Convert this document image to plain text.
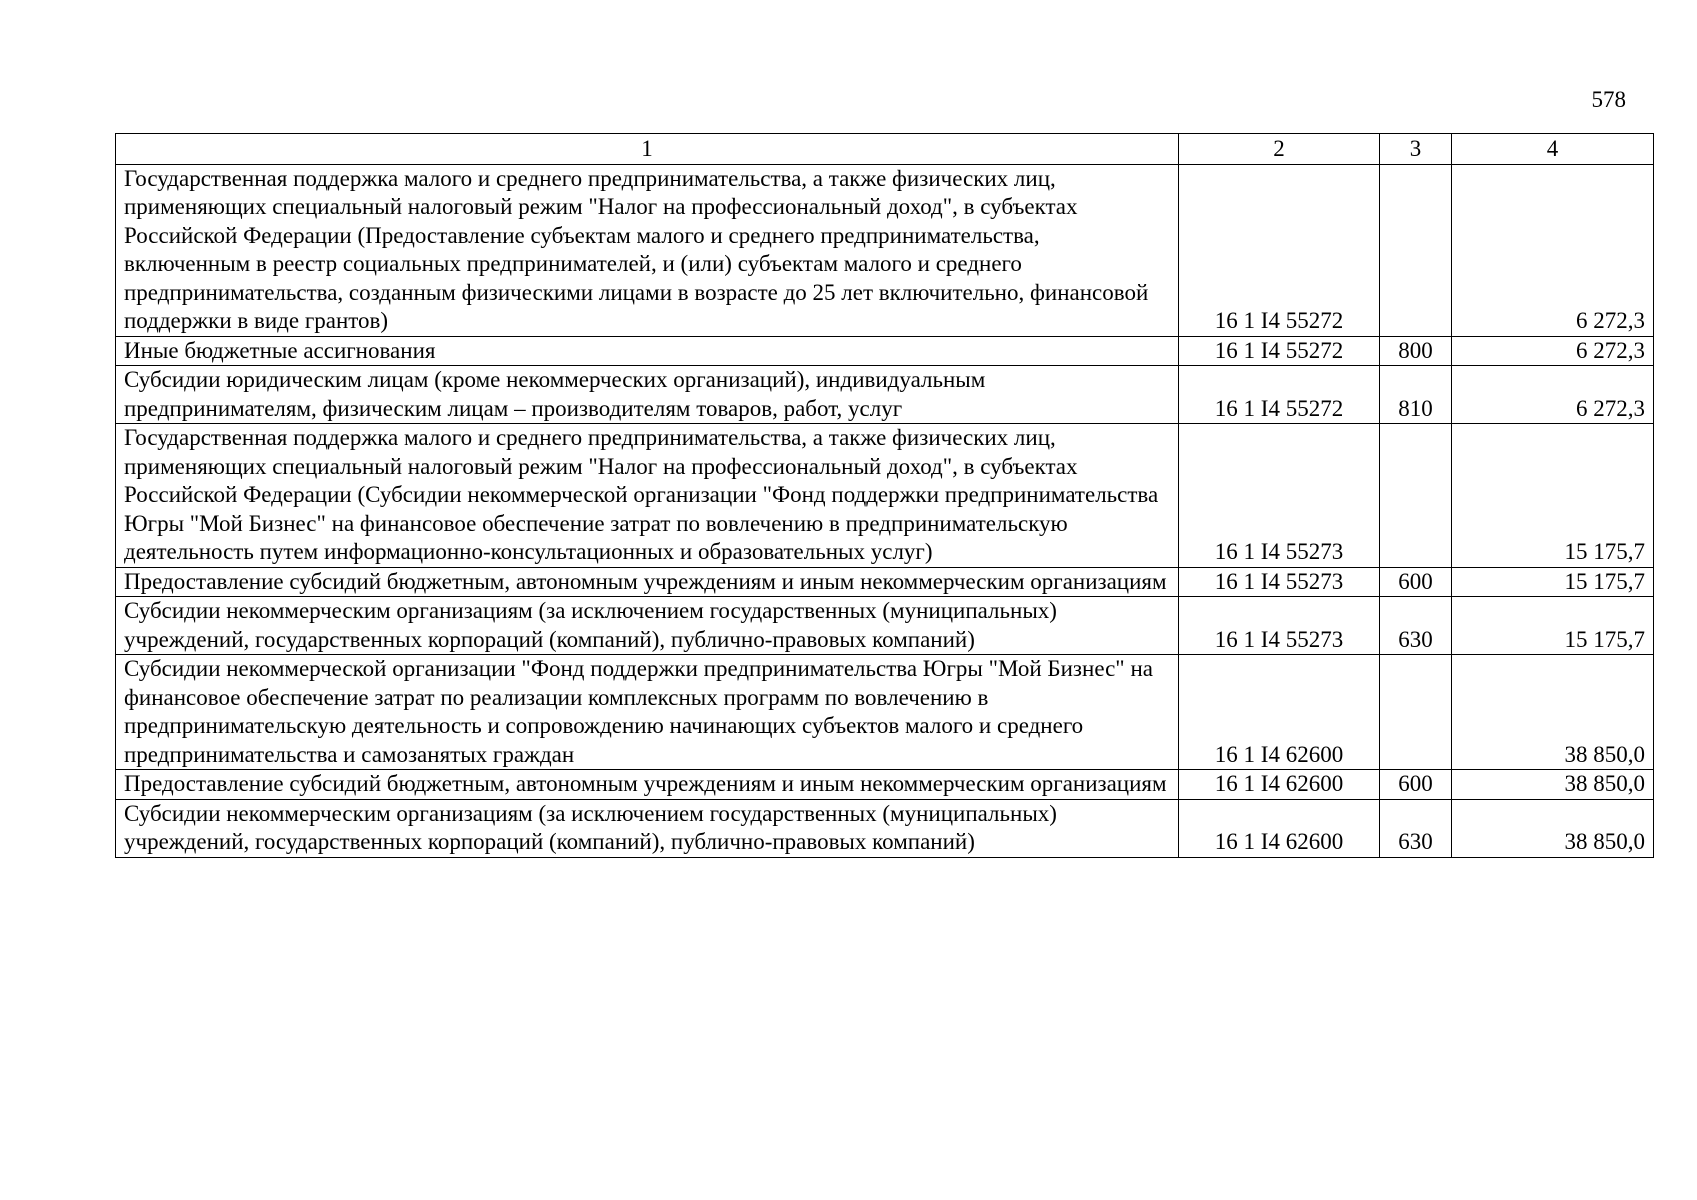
578
1	2	3	4
Государственная поддержка малого и среднего предпринимательства, а также физических лиц, применяющих специальный налоговый режим "Налог на профессиональный доход", в субъектах Российской Федерации (Предоставление субъектам малого и среднего предпринимательства, включенным в реестр социальных предпринимателей, и (или) субъектам малого и среднего предпринимательства, созданным физическими лицами в возрасте до 25 лет включительно, финансовой поддержки в виде грантов)	16 1 I4 55272		6 272,3
Иные бюджетные ассигнования	16 1 I4 55272	800	6 272,3
Субсидии юридическим лицам (кроме некоммерческих организаций), индивидуальным предпринимателям, физическим лицам – производителям товаров, работ, услуг	16 1 I4 55272	810	6 272,3
Государственная поддержка малого и среднего предпринимательства, а также физических лиц, применяющих специальный налоговый режим "Налог на профессиональный доход", в субъектах Российской Федерации (Субсидии некоммерческой организации "Фонд поддержки предпринимательства Югры "Мой Бизнес" на финансовое обеспечение затрат по вовлечению в предпринимательскую деятельность путем информационно-консультационных и образовательных услуг)	16 1 I4 55273		15 175,7
Предоставление субсидий бюджетным, автономным учреждениям и иным некоммерческим организациям	16 1 I4 55273	600	15 175,7
Субсидии некоммерческим организациям (за исключением государственных (муниципальных) учреждений, государственных корпораций (компаний), публично-правовых компаний)	16 1 I4 55273	630	15 175,7
Субсидии некоммерческой организации "Фонд поддержки предпринимательства Югры "Мой Бизнес" на финансовое обеспечение затрат по реализации комплексных программ по вовлечению в предпринимательскую деятельность и сопровождению начинающих субъектов малого и среднего предпринимательства и самозанятых граждан	16 1 I4 62600		38 850,0
Предоставление субсидий бюджетным, автономным учреждениям и иным некоммерческим организациям	16 1 I4 62600	600	38 850,0
Субсидии некоммерческим организациям (за исключением государственных (муниципальных) учреждений, государственных корпораций (компаний), публично-правовых компаний)	16 1 I4 62600	630	38 850,0
